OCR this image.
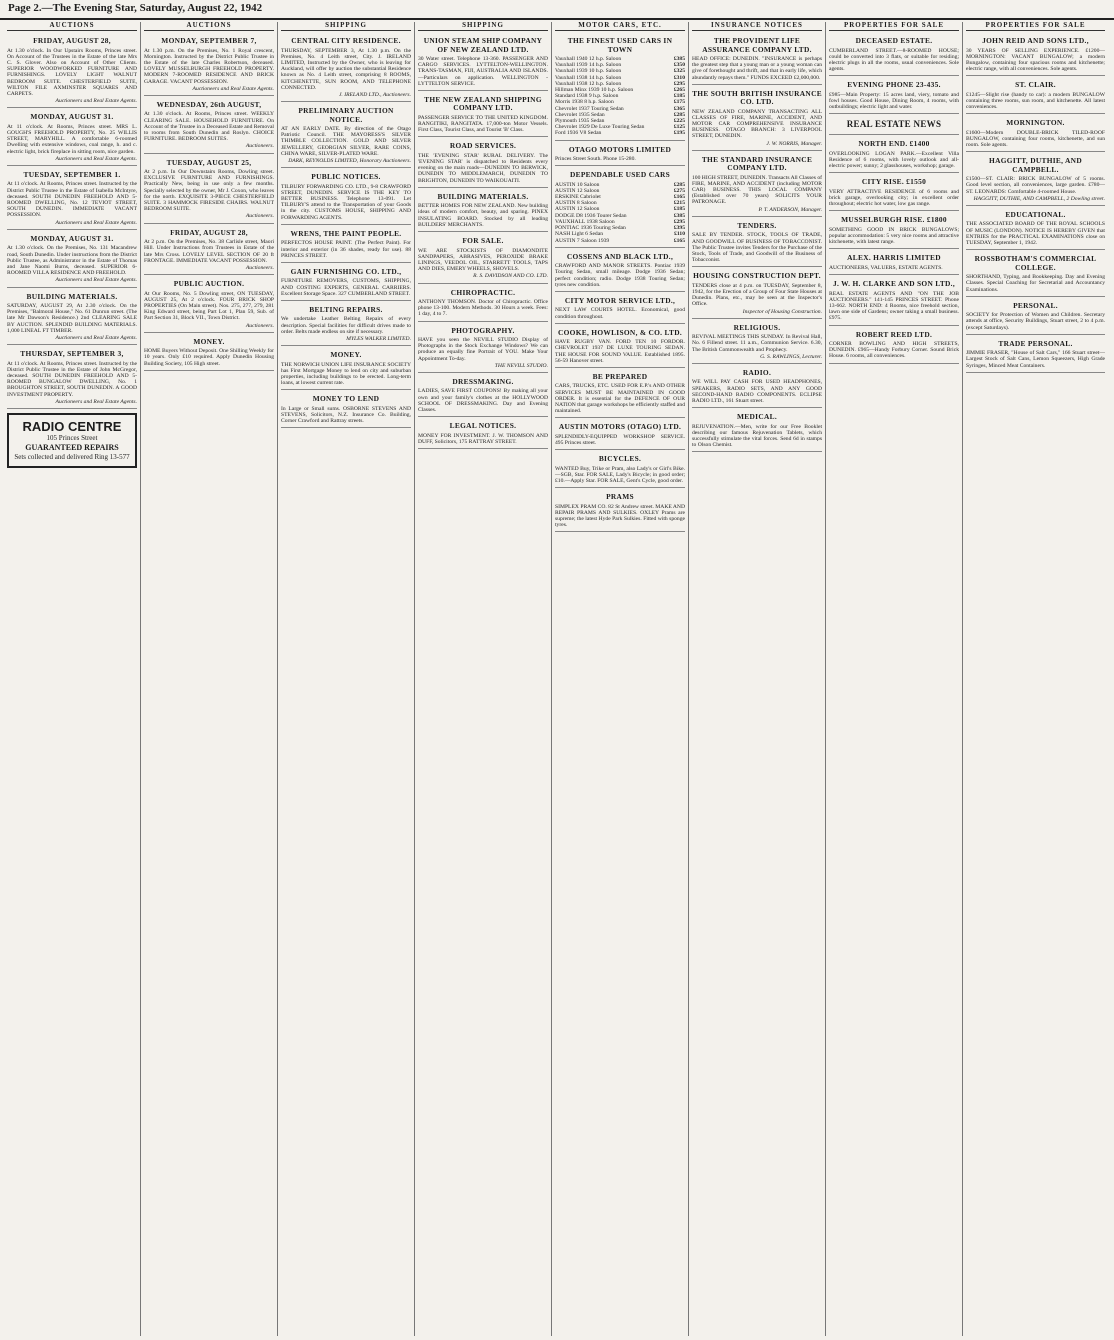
Page 2.—The Evening Star, Saturday, August 22, 1942
AUCTIONS
FRIDAY, AUGUST 28,
At 1.30 o'clock. In Our Upstairs Rooms, Princes street. On Account of the Trustees in the Estate of the late Mrs C. S. Glover. Also on Account of Other Clients. SUPERIOR WOODWORKED FURNITURE AND FURNISHINGS. LOVELY LIGHT WALNUT BEDROOM SUITE. CHESTERFIELD SUITE, WILTON FILE AXMINSTER SQUARES AND CARPETS.
Auctioneers and Real Estate Agents.
MONDAY, AUGUST 31.
At 11 o'clock. At Rooms, Princes street. MRS L. GOUGH'S FREEHOLD PROPERTY, No. 25 WILLIS STREET, MARYHILL. A comfortable 6-roomed Dwelling with extensive windows, coal range, h. and c. electric light, brick fireplace in sitting room, nice garden.
Auctioneers and Real Estate Agents.
TUESDAY, SEPTEMBER 1.
At 11 o'clock. At Rooms, Princes street. Instructed by the District Public Trustee in the Estate of Isabella McIntyre, deceased. SOUTH DUNEDIN FREEHOLD AND 5-ROOMED DWELLING, No. 12 TEVIOT STREET, SOUTH DUNEDIN. IMMEDIATE VACANT POSSESSION.
Auctioneers and Real Estate Agents.
MONDAY, AUGUST 31.
At 1.30 o'clock. On the Premises, No. 131 Macandrew road, South Dunedin. Under instructions from the District Public Trustee, as Administrator in the Estate of Thomas and Jane Naomi Burns, deceased. SUPERIOR 6-ROOMED VILLA RESIDENCE AND FREEHOLD.
Auctioneers and Real Estate Agents.
BUILDING MATERIALS.
SATURDAY, AUGUST 29, At 2.30 o'clock. On the Premises, "Balmoral House," No. 61 Dunrun street. (The late Mr Dawson's Residence.) 2nd CLEARING SALE BY AUCTION. SPLENDID BUILDING MATERIALS. 1,000 LINEAL FT TIMBER.
Auctioneers and Real Estate Agents.
THURSDAY, SEPTEMBER 3,
At 11 o'clock. At Rooms, Princes street. Instructed by the District Public Trustee in the Estate of John McGregor, deceased. SOUTH DUNEDIN FREEHOLD AND 5-ROOMED BUNGALOW DWELLING, No. 1 BROUGHTON STREET, SOUTH DUNEDIN. A GOOD INVESTMENT PROPERTY.
Auctioneers and Real Estate Agents.
RADIO CENTRE
105 Princes Street
GUARANTEED REPAIRS
Sets collected and delivered Ring 13-577
AUCTIONS
MONDAY, SEPTEMBER 7,
At 1.30 p.m. On the Premises, No. 1 Royal crescent, Mornington. Instructed by the District Public Trustee in the Estate of the late Charles Robertson, deceased. LOVELY MUSSELBURGH FREEHOLD PROPERTY. MODERN 7-ROOMED RESIDENCE AND BRICK GARAGE. VACANT POSSESSION.
Auctioneers and Real Estate Agents.
WEDNESDAY, 26th AUGUST,
At 1.30 o'clock. At Rooms, Princes street. WEEKLY CLEARING SALE. HOUSEHOLD FURNITURE. On Account of the Trustee in a Deceased Estate and Removal to rooms from South Dunedin and Roslyn. CHOICE FURNITURE. BEDROOM SUITES.
Auctioneers.
TUESDAY, AUGUST 25,
At 2 p.m. In Our Downstairs Rooms, Dowling street. EXCLUSIVE FURNITURE AND FURNISHINGS. Practically New, being in use only a few months. Specially selected by the owner, Mr J. Coxon, who leaves for the north. EXQUISITE 3-PIECE CHESTERFIELD SUITE. 3 HAMMOCK FIRESIDE CHAIRS. WALNUT BEDROOM SUITE.
Auctioneers.
FRIDAY, AUGUST 28,
At 2 p.m. On the Premises, No. 38 Carlisle street, Maori Hill. Under Instructions from Trustees in Estate of the late Mrs Cross. LOVELY LEVEL SECTION OF 20 ft FRONTAGE. IMMEDIATE VACANT POSSESSION.
Auctioneers.
PUBLIC AUCTION.
At Our Rooms, No. 5 Dowling street, ON TUESDAY, AUGUST 25, At 2 o'clock. FOUR BRICK SHOP PROPERTIES (On Main street). Nos. 275, 277, 279, 281 King Edward street, being Part Lot 1, Plan 59, Sub. of Part Section 31, Block VII., Town District.
Auctioneers.
MONEY.
HOME Buyers Without Deposit. One Shilling Weekly for 10 years. Only £10 required. Apply Dunedin Housing Building Society, 105 High street.
SHIPPING
CENTRAL CITY RESIDENCE.
THURSDAY, SEPTEMBER 3, At 1.30 p.m. On the Premises, No. 4 Leith street, City. J. IRELAND LIMITED, Instructed by the Owner, who is leaving for Auckland, will offer by auction the substantial Residence known as No. 4 Leith street, comprising 8 ROOMS, KITCHENETTE, SUN ROOM, AND TELEPHONE CONNECTED.
J. IRELAND LTD., Auctioneers.
PRELIMINARY AUCTION NOTICE.
AT AN EARLY DATE. By direction of the Otago Patriotic Council. THE MAYORESS'S SILVER THIMBLE COLLECTION. GOLD AND SILVER JEWELLERY, GEORGIAN SILVER, RARE COINS, CHINA WARE, SILVER-PLATED WARE.
DARK, REYNOLDS LIMITED, Honorary Auctioneers.
PUBLIC NOTICES.
TILBURY FORWARDING CO. LTD., 9-8 CRAWFORD STREET, DUNEDIN. SERVICE IS THE KEY TO BETTER BUSINESS. Telephone 13-091. Let TILBURY'S attend to the Transportation of your Goods in the city. CUSTOMS HOUSE, SHIPPING AND FORWARDING AGENTS.
WRENS, THE PAINT PEOPLE.
PERFECTOS HOUSE PAINT. (The Perfect Paint). For interior and exterior (in 36 shades, ready for use). 88 PRINCES STREET.
GAIN FURNISHING CO. LTD.,
FURNITURE REMOVERS, CUSTOMS, SHIPPING, AND COSTING EXPERTS, GENERAL CARRIERS. Excellent Storage Space. 327 CUMBERLAND STREET.
BELTING REPAIRS.
We undertake Leather Belting Repairs of every description. Special facilities for difficult drives made to order. Belts made endless on site if necessary.
MYLES WALKER LIMITED.
MONEY.
THE NORWICH UNION LIFE INSURANCE SOCIETY has First Mortgage Money to lend on city and suburban properties, including buildings to be erected. Long-term loans, at lowest current rate.
MONEY TO LEND
In Large or Small sums. OSBORNE STEVENS AND STEVENS, Solicitors, N.Z. Insurance Co. Building, Corner Crawford and Rattray streets.
SHIPPING
UNION STEAM SHIP COMPANY OF NEW ZEALAND LTD.
30 Water street. Telephone 13-360. PASSENGER AND CARGO SERVICES. LYTTELTON-WELLINGTON. TRANS-TASMAN, FIJI, AUSTRALIA AND ISLANDS.—Particulars on application. WELLINGTON - LYTTELTON SERVICE.
THE NEW ZEALAND SHIPPING COMPANY LTD.
PASSENGER SERVICE TO THE UNITED KINGDOM. RANGITIKI, RANGITATA. 17,000-ton Motor Vessels. First Class, Tourist Class, and Tourist 'B' Class.
ROAD SERVICES.
THE 'EVENING STAR' RURAL DELIVERY. The 'EVENING STAR' is dispatched to Residents every evening on the main roads—DUNEDIN TO BERWICK, DUNEDIN TO MIDDLEMARCH, DUNEDIN TO BRIGHTON, DUNEDIN TO WAIKOUAITI.
BUILDING MATERIALS.
BETTER HOMES FOR NEW ZEALAND. New building ideas of modern comfort, beauty, and sparing. PINEX INSULATING BOARD. Stocked by all leading BUILDERS' MERCHANTS.
FOR SALE.
WE ARE STOCKISTS OF DIAMONDITE SANDPAPERS, ABRASIVES, PEROXIDE BRAKE LININGS, VEEDOL OIL, STARRETT TOOLS, TAPS AND DIES, EMERY WHEELS, SHOVELS.
R. S. DAVIDSON AND CO. LTD.
CHIROPRACTIC.
ANTHONY THOMSON. Doctor of Chiropractic. Office phone 13-100. Modern Methods. 30 Hours a week. Fees: 1 day, 4 to 7.
PHOTOGRAPHY.
HAVE you seen the NEVILL STUDIO Display of Photographs in the Stock Exchange Windows? We can produce an equally fine Portrait of YOU. Make Your Appointment To-day.
THE NEVILL STUDIO.
DRESSMAKING.
LADIES, SAVE FIRST COUPONS! By making all your own and your family's clothes at the HOLLYWOOD SCHOOL OF DRESSMAKING. Day and Evening Classes.
LEGAL NOTICES.
MONEY FOR INVESTMENT. J. W. THOMSON AND DUFF, Solicitors, 175 RATTRAY STREET.
MOTOR CARS, ETC.
THE FINEST USED CARS IN TOWN
Vauxhall 1940 12 h.p. Saloon	£385
Vauxhall 1939 14 h.p. Saloon	£350
Vauxhall 1939 10 h.p. Saloon	£325
Vauxhall 1938 14 h.p. Saloon	£310
Vauxhall 1938 12 h.p. Saloon	£295
Hillman Minx 1939 10 h.p. Saloon	£265
Standard 1938 9 h.p. Saloon	£185
Morris 1938 8 h.p. Saloon	£175
Chevrolet 1937 Touring Sedan	£365
Chevrolet 1935 Sedan	£285
Plymouth 1935 Sedan	£225
Chevrolet 1929 De Luxe Touring Sedan	£125
Ford 1936 V8 Sedan	£195
OTAGO MOTORS LIMITED
Princes Street South. Phone 15-280.
DEPENDABLE USED CARS
AUSTIN 10 Saloon	£285
AUSTIN 12 Saloon	£275
ERSKINE Cabriolet	£165
AUSTIN 8 Saloon	£215
AUSTIN 12 Saloon	£185
DODGE D8 1936 Tourer Sedan	£385
VAUXHALL 1938 Saloon	£295
PONTIAC 1936 Touring Sedan	£395
NASH Light 6 Sedan	£110
AUSTIN 7 Saloon 1939	£165
COSSENS AND BLACK LTD.,
CRAWFORD AND MANOR STREETS. Pontiac 1939 Touring Sedan, small mileage. Dodge 1936 Sedan; perfect condition; radio. Dodge 1938 Touring Sedan; tyres new condition.
CITY MOTOR SERVICE LTD.,
NEXT LAW COURTS HOTEL. Economical, good condition throughout.
COOKE, HOWLISON, & CO. LTD.
HAVE RUGBY VAN. FORD TEN 10 FORDOR. CHEVROLET 1937 DE LUXE TOURING SEDAN. THE HOUSE FOR SOUND VALUE. Established 1895. 56-59 Hanover street.
BE PREPARED
CARS, TRUCKS, ETC. USED FOR E.P.'s AND OTHER SERVICES MUST BE MAINTAINED IN GOOD ORDER. It is essential for the DEFENCE OF OUR NATION that garage workshops be efficiently staffed and maintained.
AUSTIN MOTORS (OTAGO) LTD.
SPLENDIDLY-EQUIPPED WORKSHOP SERVICE. 495 Princes street.
BICYCLES.
WANTED Buy, Trike or Pram, also Lady's or Girl's Bike.—SGB, Star. FOR SALE, Lady's Bicycle; in good order; £10.—Apply Star. FOR SALE, Gent's Cycle, good order.
PRAMS
SIMPLEX PRAM CO. 82 St Andrew street. MAKE AND REPAIR PRAMS AND SULKIES. OXLEY Prams are supreme; the latest Hyde Park Sulkies. Fitted with sponge tyres.
INSURANCE NOTICES
THE PROVIDENT LIFE ASSURANCE COMPANY LTD.
HEAD OFFICE: DUNEDIN. "INSURANCE is perhaps the greatest step that a young man or a young woman can give of forethought and thrift, and that in early life, which abundantly repays them." FUNDS EXCEED £2,000,000.
THE SOUTH BRITISH INSURANCE CO. LTD.
NEW ZEALAND COMPANY TRANSACTING ALL CLASSES OF FIRE, MARINE, ACCIDENT, AND MOTOR CAR COMPREHENSIVE INSURANCE BUSINESS. OTAGO BRANCH: 3 LIVERPOOL STREET, DUNEDIN.
J. W. NORRIS, Manager.
THE STANDARD INSURANCE COMPANY LTD.
100 HIGH STREET, DUNEDIN. Transacts All Classes of FIRE, MARINE, AND ACCIDENT (including MOTOR CAR) BUSINESS. THIS LOCAL COMPANY (Established over 70 years) SOLICITS YOUR PATRONAGE.
P. T. ANDERSON, Manager.
TENDERS.
SALE BY TENDER. STOCK, TOOLS OF TRADE, AND GOODWILL OF BUSINESS OF TOBACCONIST. The Public Trustee invites Tenders for the Purchase of the Stock, Tools of Trade, and Goodwill of the Business of Tobacconist.
HOUSING CONSTRUCTION DEPT.
TENDERS close at 4 p.m. on TUESDAY, September 8, 1942, for the Erection of a Group of Four State Houses at Dunedin. Plans, etc., may be seen at the Inspector's Office.
Inspector of Housing Construction.
RELIGIOUS.
REVIVAL MEETINGS THIS SUNDAY. In Revival Hall, No. 6 Fillend street. 11 a.m., Communion Service. 6.30, The British Commonwealth and Prophecy.
G. S. RAWLINGS, Lecturer.
RADIO.
WE WILL PAY CASH FOR USED HEADPHONES, SPEAKERS, RADIO SETS, AND ANY GOOD SECOND-HAND RADIO COMPONENTS. ECLIPSE RADIO LTD., 161 Stuart street.
MEDICAL.
REJUVENATION.—Men, write for our Free Booklet describing our famous Rejuvenation Tablets, which successfully stimulate the vital forces. Send 6d in stamps to Olson Chemist.
PROPERTIES FOR SALE
DECEASED ESTATE.
CUMBERLAND STREET.—8-ROOMED HOUSE; could be converted into 3 flats, or suitable for residing; electric plugs in all the rooms, usual conveniences. Sole agents.
EVENING PHONE 23-435.
£985—Main Property: 15 acres land, viery, tomato and fowl houses. Good House, Dining Room, 4 rooms, with outbuildings; electric light and water.
REAL ESTATE NEWS
NORTH END. £1400
OVERLOOKING LOGAN PARK.—Excellent Villa Residence of 6 rooms, with lovely outlook and all-electric power; sunny; 2 glasshouses, workshop; garage.
CITY RISE. £1550
VERY ATTRACTIVE RESIDENCE of 6 rooms and brick garage, overlooking city; in excellent order throughout; electric hot water, low gas range.
MUSSELBURGH RISE. £1800
SOMETHING GOOD IN BRICK BUNGALOWS; popular accommodation: 5 very nice rooms and attractive kitchenette, with latest range.
ALEX. HARRIS LIMITED
AUCTIONEERS, VALUERS, ESTATE AGENTS.
J. W. H. CLARKE AND SON LTD.,
REAL ESTATE AGENTS AND "ON THE JOB AUCTIONEERS." 141-145 PRINCES STREET. Phone 13-662. NORTH END: 4 Rooms, nice freehold section, lawn one side of Gardens; owner taking a small business. £975.
ROBERT REED LTD.
CORNER BOWLING AND HIGH STREETS, DUNEDIN. £965—Handy Forbury Corner. Sound Brick House. 6 rooms, all conveniences.
PROPERTIES FOR SALE
JOHN REID AND SONS LTD.,
30 YEARS OF SELLING EXPERIENCE. £1200—MORNINGTON: VACANT BUNGALOW; a modern Bungalow, containing four spacious rooms and kitchenette; electric range, with all conveniences. Sole agents.
ST. CLAIR.
£1245—Slight rise (handy to car): a modern BUNGALOW containing three rooms, sun room, and kitchenette. All latest conveniences.
MORNINGTON.
£1600—Modern DOUBLE-BRICK TILED-ROOF BUNGALOW, containing four rooms, kitchenette, and sun room. Sole agents.
HAGGITT, DUTHIE, AND CAMPBELL.
£1500—ST. CLAIR: BRICK BUNGALOW of 5 rooms. Good level section, all conveniences, large garden. £780—ST. LEONARDS: Comfortable 4-roomed House.
HAGGITT, DUTHIE, AND CAMPBELL, 2 Dowling street.
EDUCATIONAL.
THE ASSOCIATED BOARD OF THE ROYAL SCHOOLS OF MUSIC (LONDON). NOTICE IS HEREBY GIVEN that ENTRIES for the PRACTICAL EXAMINATIONS close on TUESDAY, September 1, 1942.
ROSSBOTHAM'S COMMERCIAL COLLEGE.
SHORTHAND, Typing, and Bookkeeping. Day and Evening Classes. Special Coaching for Secretarial and Accountancy Examinations.
PERSONAL.
SOCIETY for Protection of Women and Children. Secretary attends at office, Security Buildings, Stuart street, 2 to 4 p.m. (except Saturdays).
TRADE PERSONAL.
JIMMIE FRASER, "House of Salt Cars," 166 Stuart street—Largest Stock of Salt Cans, Lemon Squeezers, High Grade Syringes, Minced Meat Containers.
